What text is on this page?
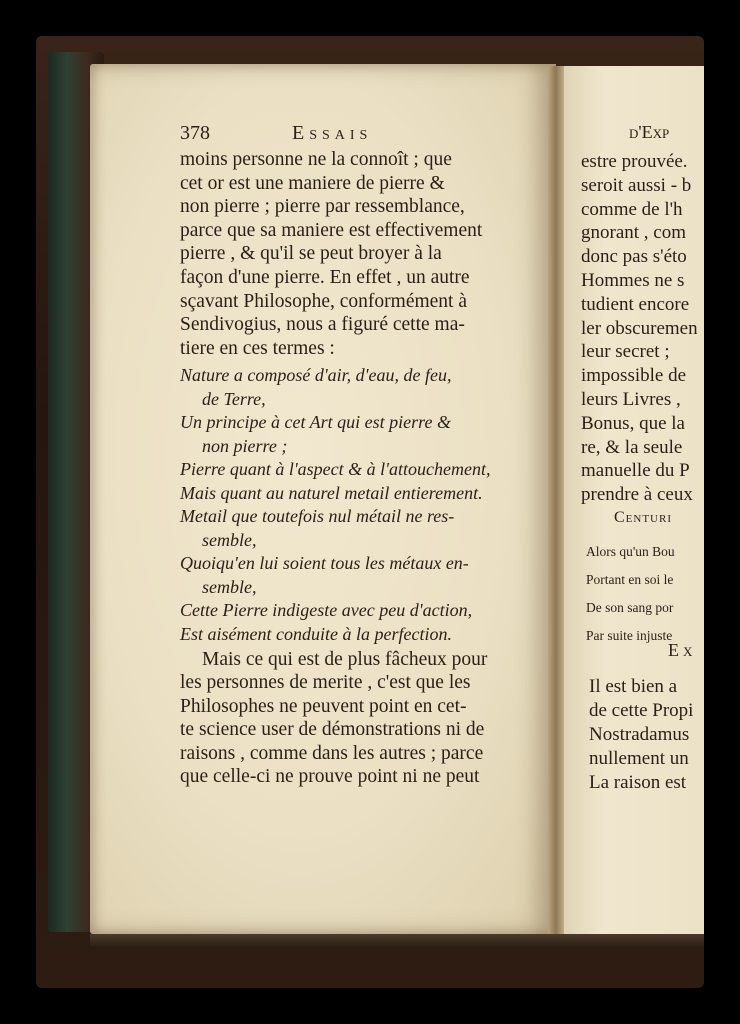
378	Essais
moins personne ne la connoît ; que
cet or est une maniere de pierre &
non pierre ; pierre par ressemblance,
parce que sa maniere est effectivement
pierre , & qu'il se peut broyer à la
façon d'une pierre. En effet , un autre
sçavant Philosophe, conformément à
Sendivogius, nous a figuré cette ma-
tiere en ces termes :
Nature a composé d'air, d'eau, de feu,
de Terre,
Un principe à cet Art qui est pierre &
non pierre ;
Pierre quant à l'aspect & à l'attouchement,
Mais quant au naturel metail entierement.
Metail que toutefois nul métail ne res-
semble,
Quoiqu'en lui soient tous les métaux en-
semble,
Cette Pierre indigeste avec peu d'action,
Est aisément conduite à la perfection.
Mais ce qui est de plus fâcheux pour
les personnes de merite , c'est que les
Philosophes ne peuvent point en cet-
te science user de démonstrations ni de
raisons , comme dans les autres ; parce
que celle-ci ne prouve point ni ne peut
d'Exp
estre prouvée.
seroit aussi - b
comme de l'h
gnorant , com
donc pas s'éto
Hommes ne s
tudient encore
ler obscuremen
leur secret ;
impossible de
leurs Livres ,
Bonus, que la
re, & la seule
manuelle du P
prendre à ceux
Centuri
Alors qu'un Bou
Portant en soi le
De son sang por
Par suite injuste
Ex
Il est bien a
de cette Propi
Nostradamus
nullement un
La raison est
